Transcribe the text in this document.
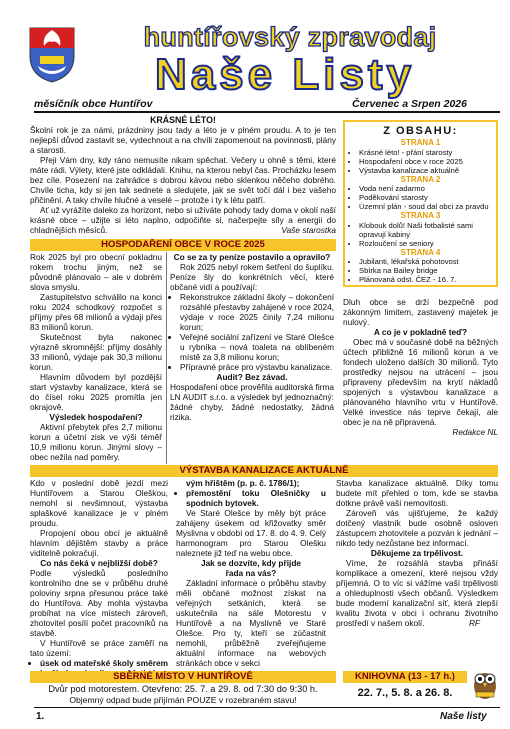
huntířovský zpravodaj
Naše Listy
měsíčník obce Huntířov	Červenec a Srpen 2026

KRÁSNÉ LÉTO!

Školní rok je za námi, prázdniny jsou tady a léto je v plném proudu. A to je ten nejlepší důvod zastavit se, vydechnout a na chvíli zapomenout na povinnosti, plány a starosti.

Přeji Vám dny, kdy ráno nemusíte nikam spěchat. Večery u ohně s těmi, které máte rádi. Výlety, které jste odkládali. Knihu, na kterou nebyl čas. Procházku lesem bez cíle. Posezení na zahrádce s dobrou kávou nebo sklenkou něčeho dobrého. Chvíle ticha, kdy si jen tak sednete a sledujete, jak se svět točí dál i bez vašeho přičinění. A taky chvíle hlučné a veselé – protože i ty k létu patří.

Ať už vyrážíte daleko za horizont, nebo si užíváte pohody tady doma v okolí naší krásné obce – užijte si léto naplno, odpočiňte si, načerpejte síly a energii do chladnějších měsíců.	Vaše starostka

Z OBSAHU:
STRANA 1
• Krásné léto! - přání starosty
• Hospodaření obce v roce 2025
• Výstavba kanalizace aktuálně
STRANA 2
• Voda není zadarmo
• Poděkování starosty
• Územní plán - soud dal obci za pravdu
STRANA 3
• Klobouk dolů! Naši fotbalisté sami opravují kabiny
• Rozloučení se seniory
STRANA 4
• Jubilanti, lékařská pohotovost
• Sbírka na Bailey bridge
• Plánovaná odst. ČEZ - 16. 7.
HOSPODAŘENÍ OBCE V ROCE 2025

Rok 2025 byl pro obecní pokladnu rokem trochu jiným, než se původně plánovalo – ale v dobrém slova smyslu.

Zastupitelstvo schválilo na konci roku 2024 schodkový rozpočet s příjmy přes 68 milionů a výdaji přes 83 milionů korun.

Skutečnost byla nakonec výrazně skromnější: příjmy dosáhly 33 milionů, výdaje pak 30,3 milionu korun.

Hlavním důvodem byl pozdější start výstavby kanalizace, která se do čísel roku 2025 promítla jen okrajově.

Výsledek hospodaření?

Aktivní přebytek přes 2,7 milionu korun a účetní zisk ve výši téměř 10,9 milionu korun. Jinými slovy – obec nežila nad poměry.

Co se za ty peníze postavilo a opravilo?

Rok 2025 nebyl rokem šetření do šuplíku. Peníze šly do konkrétních věcí, které občané vidí a používají:

• Rekonstrukce základní školy – dokončení rozsáhlé přestavby zahájené v roce 2024, výdaje v roce 2025 činily 7,24 milionu korun;
• Veřejné sociální zařízení ve Staré Olešce u rybníka – nová toaleta na oblíbeném místě za 3,8 milionu korun;
• Přípravné práce pro výstavbu kanalizace.

Audit? Bez závad.

Hospodaření obce prověřila auditorská firma LN AUDIT s.r.o. a výsledek byl jednoznačný: žádné chyby, žádné nedostatky, žádná rizika.

Dluh obce se drží bezpečně pod zákonným limitem, zastavený majetek je nulový.

A co je v pokladně teď?

Obec má v současné době na běžných účtech přibližně 16 milionů korun a ve fondech uloženo dalších 30 milionů. Tyto prostředky nejsou na utrácení – jsou připraveny především na krytí nákladů spojených s výstavbou kanalizace a plánovaného hlavního vrtu v Huntířově. Velké investice nás teprve čekají, ale obec je na ně připravená.

Redakce NL

VÝSTAVBA KANALIZACE AKTUÁLNĚ

Kdo v poslední době jezdí mezi Huntířovem a Starou Oleškou, nemohl si nevšimnout, výstavba splaškové kanalizace je v plném proudu.

Propojení obou obcí je aktuálně hlavním dějištěm stavby a práce viditelně pokračují.

Co nás čeká v nejbližší době?

Podle výsledků posledního kontrolního dne se v průběhu druhé poloviny srpna přesunou práce také do Huntířova. Aby mohla výstavba probíhat na více místech zároveň, zhotovitel posílí počet pracovníků na stavbě.

V Huntířově se práce zaměří na tato území:

• úsek od mateřské školy směrem

vým hřištěm (p. p. č. 1786/1);

• přemostění toku Olešničky u spodních bytovek.

Ve Staré Olešce by měly být práce zahájeny úsekem od křižovatky směr Myslivna v období od 17. 8. do 4. 9. Celý harmonogram pro Starou Olešku naleznete již teď na webu obce.

Jak se dozvíte, kdy přijde řada na vás?

Základní informace o průběhu stavby měli občané možnost získat na veřejných setkáních, která se uskutečnila na sále Motorestu v Huntířově a na Myslivně ve Staré Olešce. Pro ty, kteří se zúčastnit nemohli, průběžně zveřejňujeme aktuální informace na webových stránkách obce v sekci

Stavba kanalizace aktuálně. Díky tomu budete mít přehled o tom, kde se stavba dotkne právě vaší nemovitosti.

Zároveň vás ujišťujeme, že každý dotčený vlastník bude osobně osloven zástupcem zhotovitele a pozván k jednání – nikdo tedy nezůstane bez informací.

Děkujeme za trpělivost.

Víme, že rozsáhlá stavba přináší komplikace a omezení, které nejsou vždy příjemná. O to víc si vážíme vaší trpělivosti a ohleduplnosti všech občanů. Výsledkem bude moderní kanalizační síť, která zlepší kvalitu života v obci i ochranu životního prostředí v našem okolí.	RF

SBĚRNÉ MÍSTO V HUNTÍŘOVĚ
Dvůr pod motorestem. Otevřeno: 25. 7. a 29. 8. od 7:30 do 9:30 h.
Objemný odpad bude přijímán POUZE v rozebraném stavu!
KNIHOVNA (13 - 17 h.)
22. 7., 5. 8. a 26. 8.
1.	Naše listy
